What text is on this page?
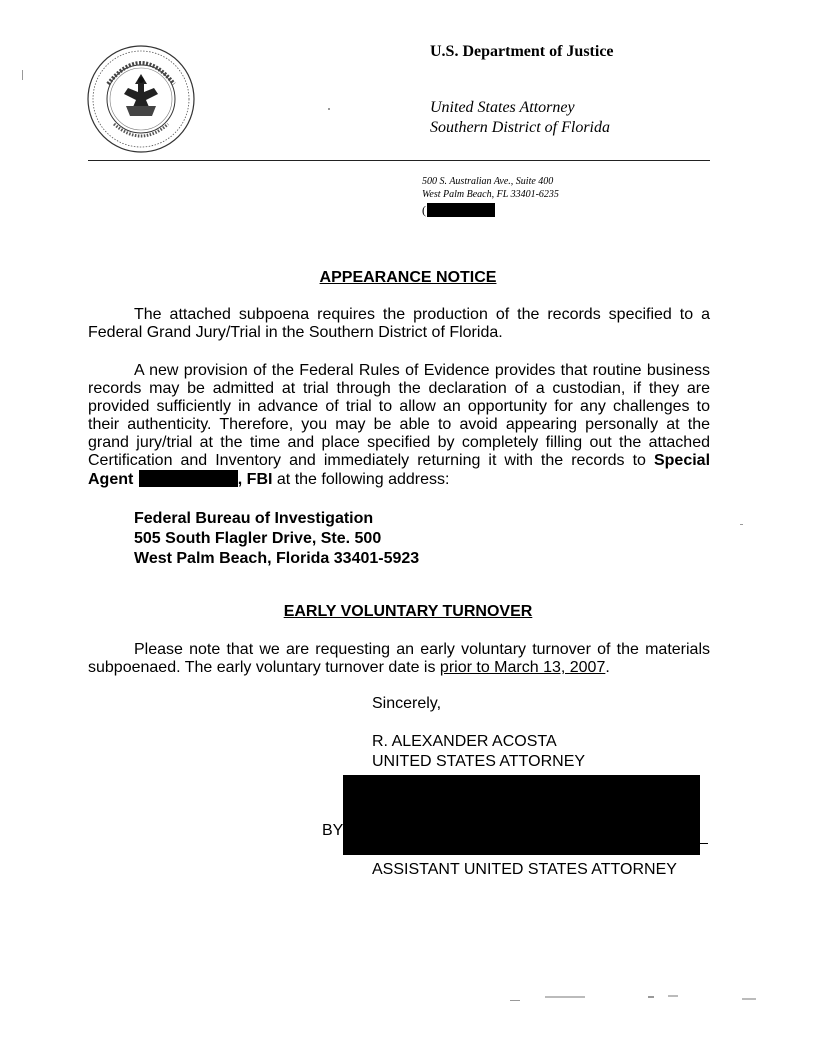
U.S. Department of Justice
United States Attorney
Southern District of Florida
500 S. Australian Ave., Suite 400
West Palm Beach, FL 33401-6235
(
APPEARANCE NOTICE

The attached subpoena requires the production of the records specified to a Federal Grand Jury/Trial in the Southern District of Florida.

A new provision of the Federal Rules of Evidence provides that routine business records may be admitted at trial through the declaration of a custodian, if they are provided sufficiently in advance of trial to allow an opportunity for any challenges to their authenticity. Therefore, you may be able to avoid appearing personally at the grand jury/trial at the time and place specified by completely filling out the attached Certification and Inventory and immediately returning it with the records to Special Agent	, FBI at the following address:

Federal Bureau of Investigation
505 South Flagler Drive, Ste. 500
West Palm Beach, Florida 33401-5923
EARLY VOLUNTARY TURNOVER

Please note that we are requesting an early voluntary turnover of the materials subpoenaed. The early voluntary turnover date is prior to March 13, 2007.

Sincerely,
R. ALEXANDER ACOSTA
UNITED STATES ATTORNEY
BY
ASSISTANT UNITED STATES ATTORNEY
